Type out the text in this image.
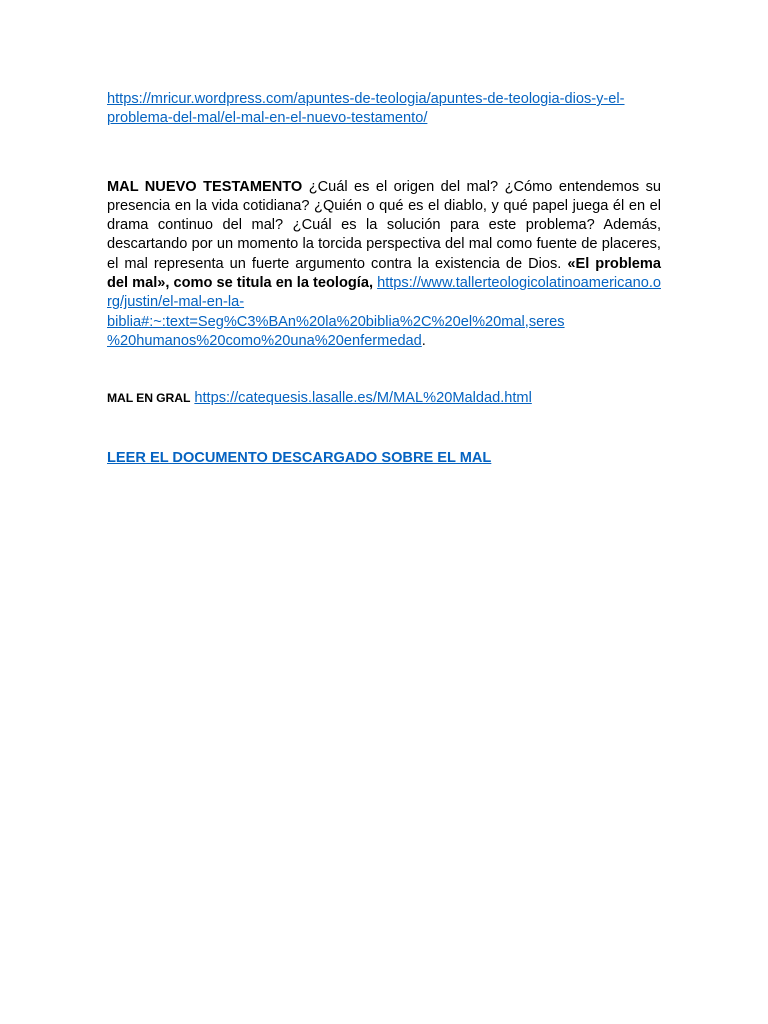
https://mricur.wordpress.com/apuntes-de-teologia/apuntes-de-teologia-dios-y-el-
problema-del-mal/el-mal-en-el-nuevo-testamento/

MAL NUEVO TESTAMENTO ¿Cuál es el origen del mal? ¿Cómo entendemos su presencia en la vida cotidiana? ¿Quién o qué es el diablo, y qué papel juega él en el drama continuo del mal? ¿Cuál es la solución para este problema? Además, descartando por un momento la torcida perspectiva del mal como fuente de placeres, el mal representa un fuerte argumento contra la existencia de Dios. «El problema del mal», como se titula en la teología, https://www.tallerteologicolatinoamericano.org/justin/el-mal-en-la-
biblia#:~:text=Seg%C3%BAn%20la%20biblia%2C%20el%20mal,seres
%20humanos%20como%20una%20enfermedad.

MAL EN GRAL https://catequesis.lasalle.es/M/MAL%20Maldad.html
LEER EL DOCUMENTO DESCARGADO SOBRE EL MAL
